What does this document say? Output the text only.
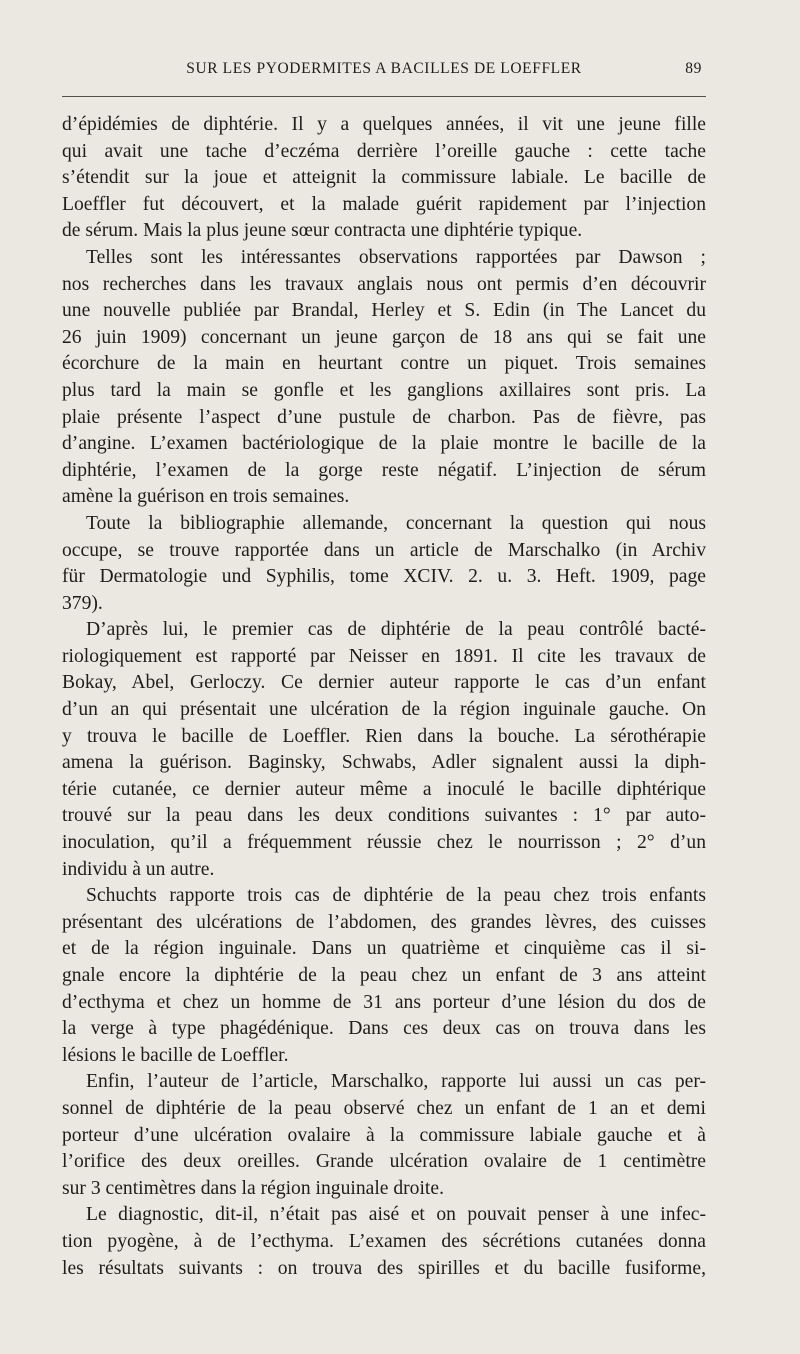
SUR LES PYODERMITES A BACILLES DE LOEFFLER	89
d’épidémies de diphtérie. Il y a quelques années, il vit une jeune fille
qui avait une tache d’eczéma derrière l’oreille gauche : cette tache
s’étendit sur la joue et atteignit la commissure labiale. Le bacille de
Loeffler fut découvert, et la malade guérit rapidement par l’injection
de sérum. Mais la plus jeune sœur contracta une diphtérie typique.
Telles sont les intéressantes observations rapportées par Dawson ;
nos recherches dans les travaux anglais nous ont permis d’en découvrir
une nouvelle publiée par Brandal, Herley et S. Edin (in The Lancet du
26 juin 1909) concernant un jeune garçon de 18 ans qui se fait une
écorchure de la main en heurtant contre un piquet. Trois semaines
plus tard la main se gonfle et les ganglions axillaires sont pris. La
plaie présente l’aspect d’une pustule de charbon. Pas de fièvre, pas
d’angine. L’examen bactériologique de la plaie montre le bacille de la
diphtérie, l’examen de la gorge reste négatif. L’injection de sérum
amène la guérison en trois semaines.
Toute la bibliographie allemande, concernant la question qui nous
occupe, se trouve rapportée dans un article de Marschalko (in Archiv
für Dermatologie und Syphilis, tome XCIV. 2. u. 3. Heft. 1909, page
379).
D’après lui, le premier cas de diphtérie de la peau contrôlé bacté-
riologiquement est rapporté par Neisser en 1891. Il cite les travaux de
Bokay, Abel, Gerloczy. Ce dernier auteur rapporte le cas d’un enfant
d’un an qui présentait une ulcération de la région inguinale gauche. On
y trouva le bacille de Loeffler. Rien dans la bouche. La sérothérapie
amena la guérison. Baginsky, Schwabs, Adler signalent aussi la diph-
térie cutanée, ce dernier auteur même a inoculé le bacille diphtérique
trouvé sur la peau dans les deux conditions suivantes : 1° par auto-
inoculation, qu’il a fréquemment réussie chez le nourrisson ; 2° d’un
individu à un autre.
Schuchts rapporte trois cas de diphtérie de la peau chez trois enfants
présentant des ulcérations de l’abdomen, des grandes lèvres, des cuisses
et de la région inguinale. Dans un quatrième et cinquième cas il si-
gnale encore la diphtérie de la peau chez un enfant de 3 ans atteint
d’ecthyma et chez un homme de 31 ans porteur d’une lésion du dos de
la verge à type phagédénique. Dans ces deux cas on trouva dans les
lésions le bacille de Loeffler.
Enfin, l’auteur de l’article, Marschalko, rapporte lui aussi un cas per-
sonnel de diphtérie de la peau observé chez un enfant de 1 an et demi
porteur d’une ulcération ovalaire à la commissure labiale gauche et à
l’orifice des deux oreilles. Grande ulcération ovalaire de 1 centimètre
sur 3 centimètres dans la région inguinale droite.
Le diagnostic, dit-il, n’était pas aisé et on pouvait penser à une infec-
tion pyogène, à de l’ecthyma. L’examen des sécrétions cutanées donna
les résultats suivants : on trouva des spirilles et du bacille fusiforme,
